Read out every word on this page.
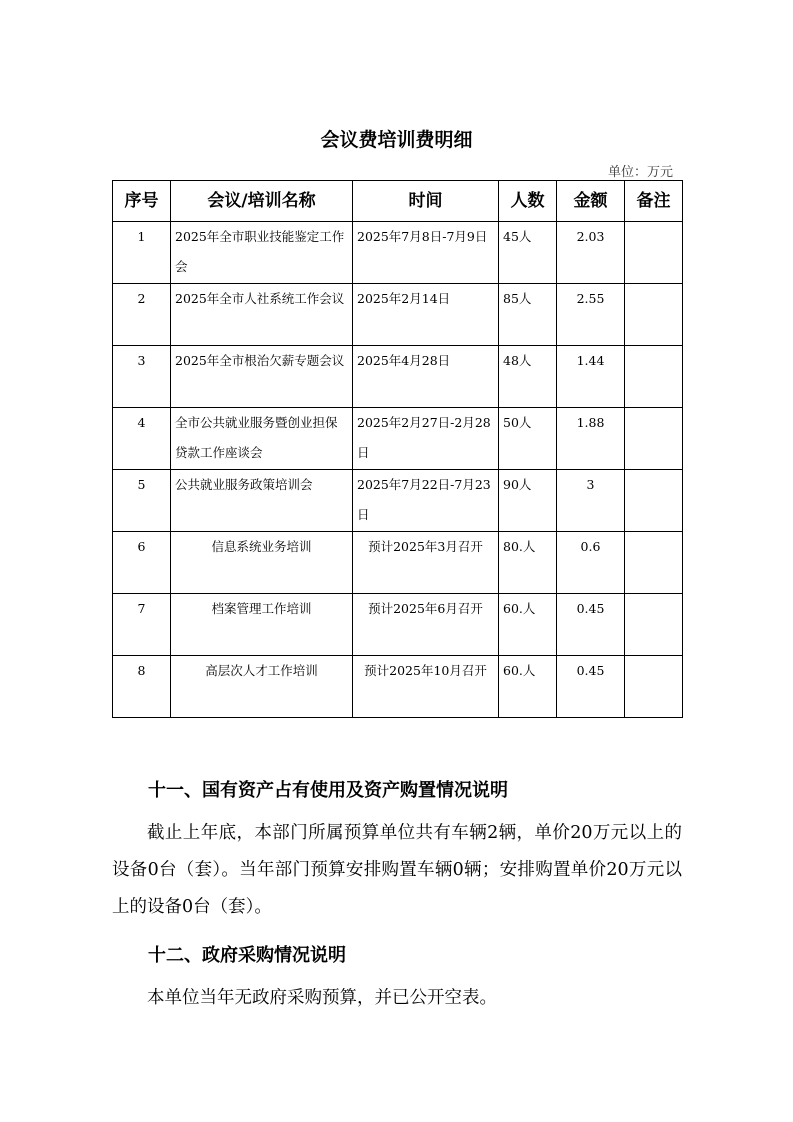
会议费培训费明细
单位：万元
序号	会议/培训名称	时间	人数	金额	备注
1	2025年全市职业技能鉴定工作会	2025年7月8日-7月9日	45人	2.03	
2	2025年全市人社系统工作会议	2025年2月14日	85人	2.55	
3	2025年全市根治欠薪专题会议	2025年4月28日	48人	1.44	
4	全市公共就业服务暨创业担保贷款工作座谈会	2025年2月27日-2月28日	50人	1.88	
5	公共就业服务政策培训会	2025年7月22日-7月23日	90人	3	
6	信息系统业务培训	预计2025年3月召开	80.人	0.6	
7	档案管理工作培训	预计2025年6月召开	60.人	0.45	
8	高层次人才工作培训	预计2025年10月召开	60.人	0.45	
十一、国有资产占有使用及资产购置情况说明
截止上年底，本部门所属预算单位共有车辆2辆，单价20万元以上的设备0台（套）。当年部门预算安排购置车辆0辆；安排购置单价20万元以上的设备0台（套）。
十二、政府采购情况说明
本单位当年无政府采购预算，并已公开空表。
